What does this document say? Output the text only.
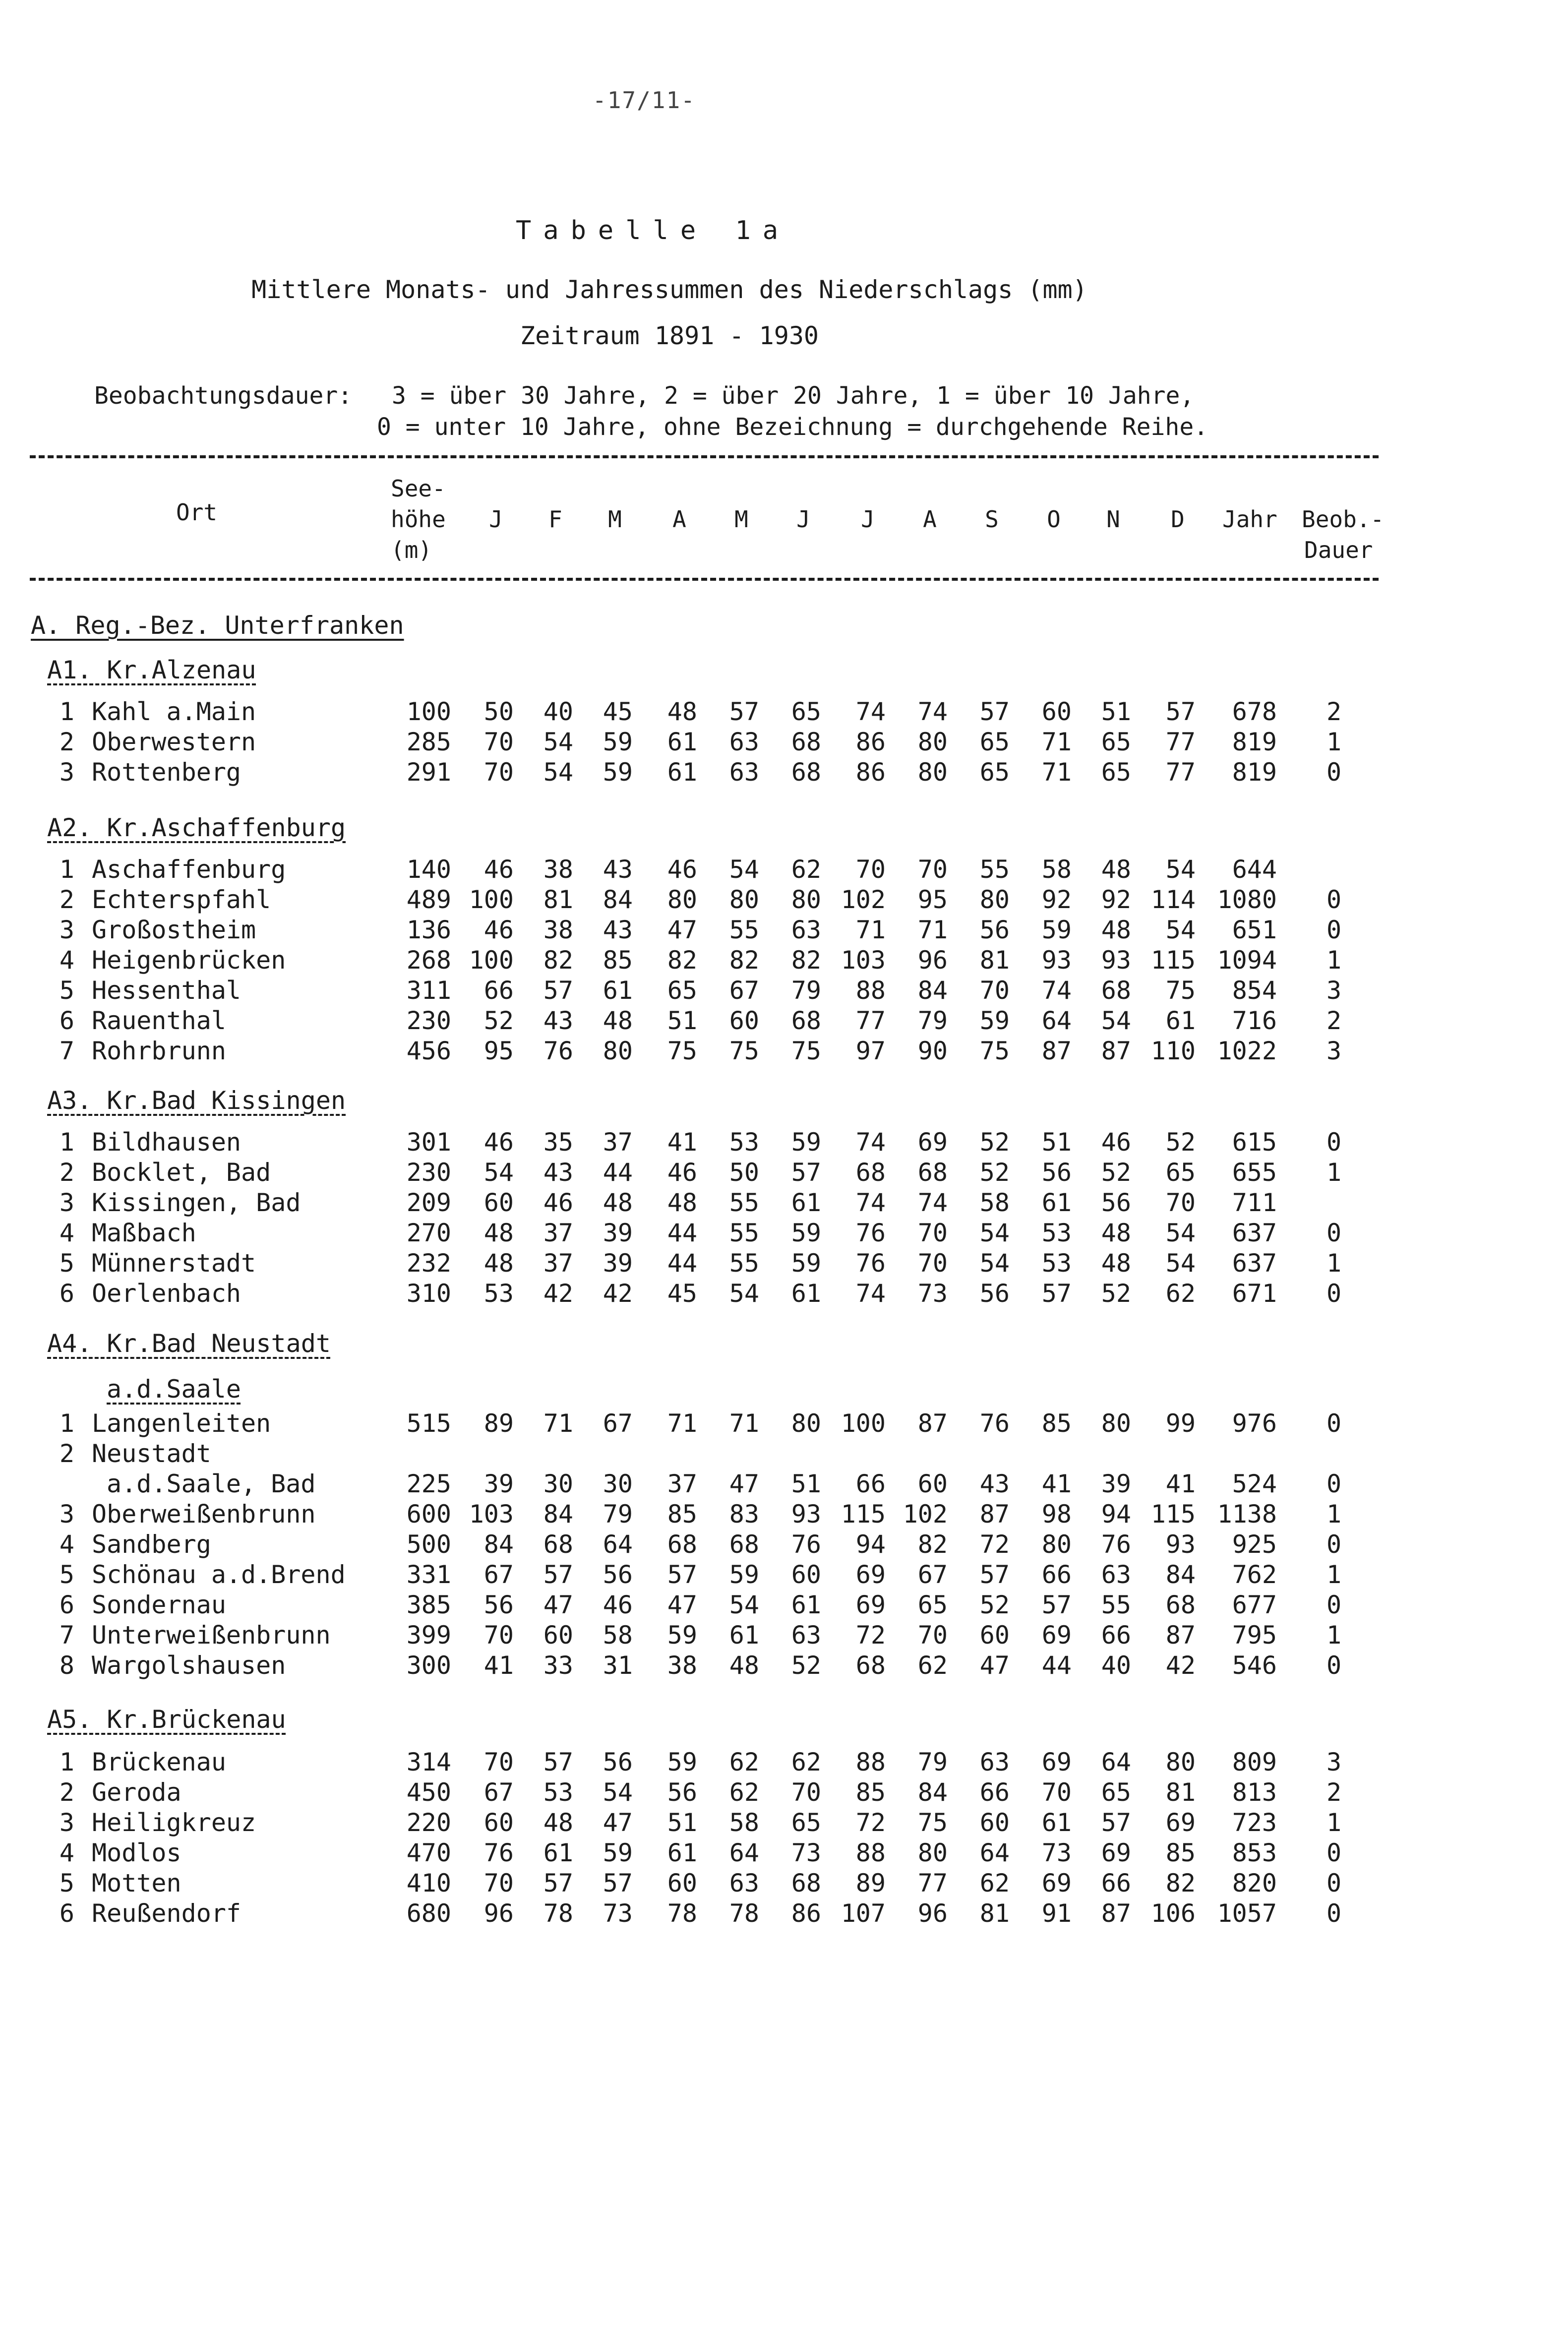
-17/11-
Tabelle 1a
Mittlere Monats- und Jahressummen des Niederschlags (mm)
Zeitraum 1891 - 1930
Beobachtungsdauer: 3 = über 30 Jahre, 2 = über 20 Jahre, 1 = über 10 Jahre,
0 = unter 10 Jahre, ohne Bezeichnung = durchgehende Reihe.
Ort
See-
höhe
(m)
J F M A M J J A S O N D Jahr Beob.-
Dauer
A. Reg.-Bez. Unterfranken
A1. Kr.Alzenau
1 Kahl a.Main	100 50 40 45 48 57 65 74 74 57 60 51 57 678 2
2 Oberwestern	285 70 54 59 61 63 68 86 80 65 71 65 77 819 1
3 Rottenberg	291 70 54 59 61 63 68 86 80 65 71 65 77 819 0
A2. Kr.Aschaffenburg
1 Aschaffenburg	140 46 38 43 46 54 62 70 70 55 58 48 54 644
2 Echterspfahl	489 100 81 84 80 80 80 102 95 80 92 92 114 1080 0
3 Großostheim	136 46 38 43 47 55 63 71 71 56 59 48 54 651 0
4 Heigenbrücken	268 100 82 85 82 82 82 103 96 81 93 93 115 1094 1
5 Hessenthal	311 66 57 61 65 67 79 88 84 70 74 68 75 854 3
6 Rauenthal	230 52 43 48 51 60 68 77 79 59 64 54 61 716 2
7 Rohrbrunn	456 95 76 80 75 75 75 97 90 75 87 87 110 1022 3
A3. Kr.Bad Kissingen
1 Bildhausen	301 46 35 37 41 53 59 74 69 52 51 46 52 615 0
2 Bocklet, Bad	230 54 43 44 46 50 57 68 68 52 56 52 65 655 1
3 Kissingen, Bad	209 60 46 48 48 55 61 74 74 58 61 56 70 711
4 Maßbach	270 48 37 39 44 55 59 76 70 54 53 48 54 637 0
5 Münnerstadt	232 48 37 39 44 55 59 76 70 54 53 48 54 637 1
6 Oerlenbach	310 53 42 42 45 54 61 74 73 56 57 52 62 671 0
A4. Kr.Bad Neustadt
a.d.Saale
1 Langenleiten	515 89 71 67 71 71 80 100 87 76 85 80 99 976 0
2 Neustadt
a.d.Saale, Bad	225 39 30 30 37 47 51 66 60 43 41 39 41 524 0
3 Oberweißenbrunn	600 103 84 79 85 83 93 115 102 87 98 94 115 1138 1
4 Sandberg	500 84 68 64 68 68 76 94 82 72 80 76 93 925 0
5 Schönau a.d.Brend 331 67 57 56 57 59 60 69 67 57 66 63 84 762 1
6 Sondernau	385 56 47 46 47 54 61 69 65 52 57 55 68 677 0
7 Unterweißenbrunn	399 70 60 58 59 61 63 72 70 60 69 66 87 795 1
8 Wargolshausen	300 41 33 31 38 48 52 68 62 47 44 40 42 546 0
A5. Kr.Brückenau
1 Brückenau	314 70 57 56 59 62 62 88 79 63 69 64 80 809 3
2 Geroda	450 67 53 54 56 62 70 85 84 66 70 65 81 813 2
3 Heiligkreuz	220 60 48 47 51 58 65 72 75 60 61 57 69 723 1
4 Modlos	470 76 61 59 61 64 73 88 80 64 73 69 85 853 0
5 Motten	410 70 57 57 60 63 68 89 77 62 69 66 82 820 0
6 Reußendorf	680 96 78 73 78 78 86 107 96 81 91 87 106 1057 0
